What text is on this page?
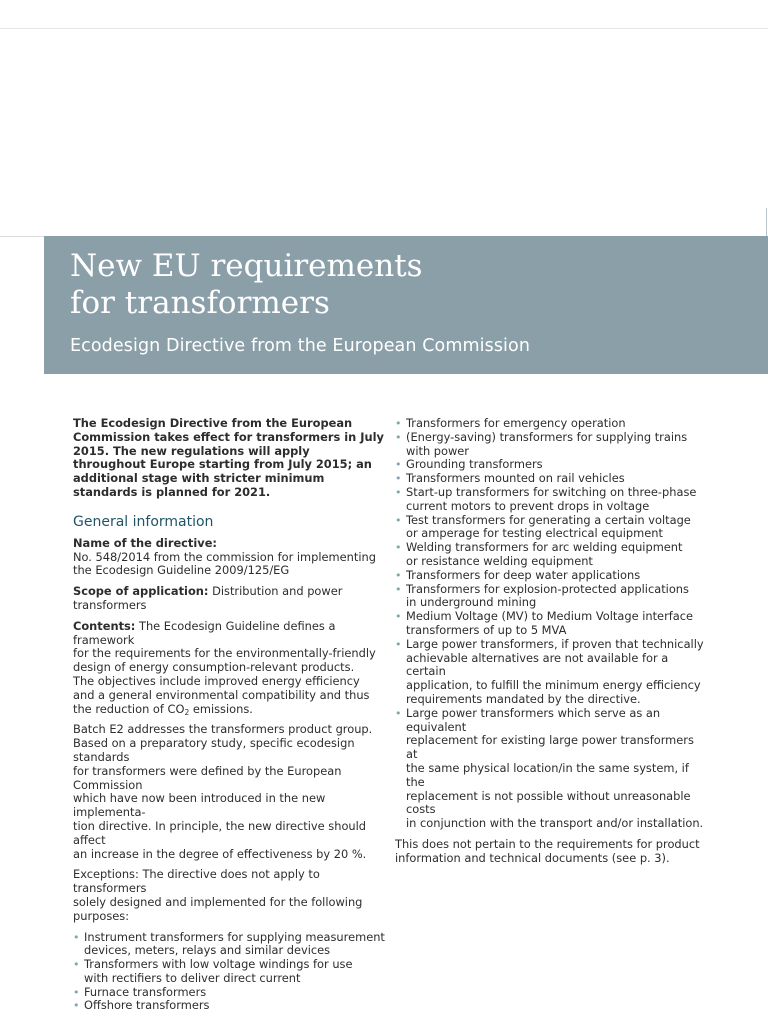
New EU requirements
for transformers

Ecodesign Directive from the European Commission

The Ecodesign Directive from the European Commission takes effect for transformers in July 2015. The new regulations will apply throughout Europe starting from July 2015; an additional stage with stricter minimum standards is planned for 2021.

General information

Name of the directive:
No. 548/2014 from the commission for implementing
the Ecodesign Guideline 2009/125/EG

Scope of application: Distribution and power transformers

Contents: The Ecodesign Guideline defines a framework
for the requirements for the environmentally-friendly
design of energy consumption-relevant products.
The objectives include improved energy efficiency
and a general environmental compatibility and thus
the reduction of $CO_2$ emissions.

Batch E2 addresses the transformers product group.
Based on a preparatory study, specific ecodesign standards
for transformers were defined by the European Commission
which have now been introduced in the new implementa-
tion directive. In principle, the new directive should affect
an increase in the degree of effectiveness by 20 %.

Exceptions: The directive does not apply to transformers
solely designed and implemented for the following
purposes:

• Instrument transformers for supplying measurement
devices, meters, relays and similar devices
• Transformers with low voltage windings for use
with rectifiers to deliver direct current
• Furnace transformers
• Offshore transformers
• Transformers for emergency operation
• (Energy-saving) transformers for supplying trains
with power
• Grounding transformers
• Transformers mounted on rail vehicles
• Start-up transformers for switching on three-phase
current motors to prevent drops in voltage
• Test transformers for generating a certain voltage
or amperage for testing electrical equipment
• Welding transformers for arc welding equipment
or resistance welding equipment
• Transformers for deep water applications
• Transformers for explosion-protected applications
in underground mining
• Medium Voltage (MV) to Medium Voltage interface
transformers of up to 5 MVA
• Large power transformers, if proven that technically
achievable alternatives are not available for a certain
application, to fulfill the minimum energy efficiency
requirements mandated by the directive.
• Large power transformers which serve as an equivalent
replacement for existing large power transformers at
the same physical location/in the same system, if the
replacement is not possible without unreasonable costs
in conjunction with the transport and/or installation.

This does not pertain to the requirements for product
information and technical documents (see p. 3).
